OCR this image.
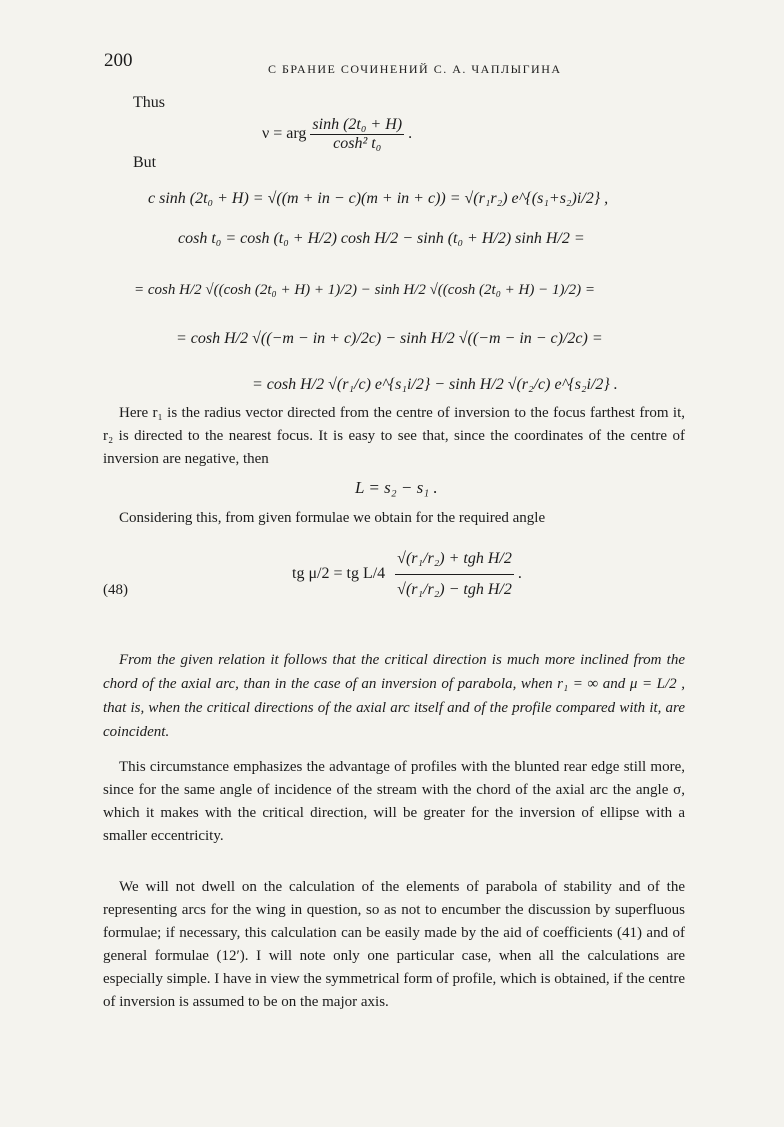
200	С БРАНИЕ СОЧИНЕНИЙ С. А. ЧАПЛЫГИНА
Thus
ν = arg $\frac{\text{sinh (2t₀ + H)}}{\text{cosh² t₀}}$ .
But
c sinh (2t₀ + H) = √((m + in − c)(m + in + c)) = √(r₁r₂) e^{(s₁+s₂)i/2} ,
cosh t₀ = cosh (t₀ + H/2) cosh H/2 − sinh (t₀ + H/2) sinh H/2 =
= cosh H/2 √((cosh (2t₀ + H) + 1)/2) − sinh H/2 √((cosh (2t₀ + H) − 1)/2) =
= cosh H/2 √((−m − in + c)/2c) − sinh H/2 √((−m − in − c)/2c) =
= cosh H/2 √(r₁/c) e^{s₁i/2} − sinh H/2 √(r₂/c) e^{s₂i/2} .

Here r₁ is the radius vector directed from the centre of inversion to the focus farthest from it, r₂ is directed to the nearest focus. It is easy to see that, since the coordinates of the centre of inversion are negative, then

L = s₂ − s₁ .

Considering this, from given formulae we obtain for the required angle

(48)
tg μ/2 = tg $L/4 \frac{\text{√(r₁/r₂) + tgh H/2}}{\text{√(r₁/r₂) − tgh H/2}}$ .

From the given relation it follows that the critical direction is much more inclined from the chord of the axial arc, than in the case of an inversion of parabola, when r₁ = ∞ and μ = L/2 , that is, when the critical directions of the axial arc itself and of the profile compared with it, are coincident.

This circumstance emphasizes the advantage of profiles with the blunted rear edge still more, since for the same angle of incidence of the stream with the chord of the axial arc the angle σ, which it makes with the critical direction, will be greater for the inversion of ellipse with a smaller eccentricity.

We will not dwell on the calculation of the elements of parabola of stability and of the representing arcs for the wing in question, so as not to encumber the discussion by superfluous formulae; if necessary, this calculation can be easily made by the aid of coefficients (41) and of general formulae (12′). I will note only one particular case, when all the calculations are especially simple. I have in view the symmetrical form of profile, which is obtained, if the centre of inversion is assumed to be on the major axis.
